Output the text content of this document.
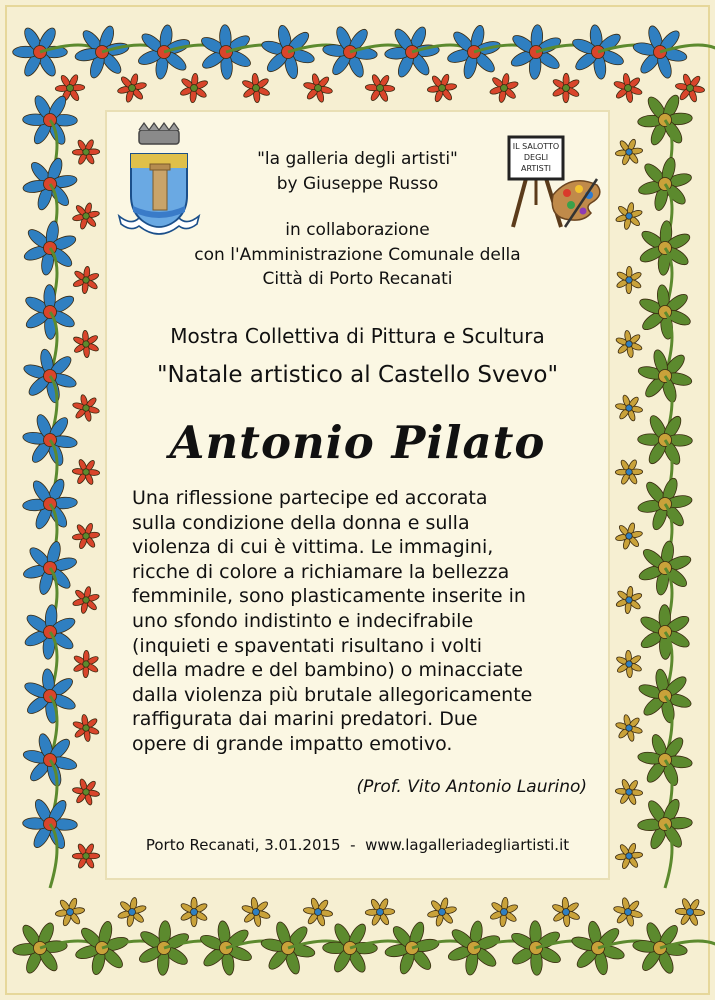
IL SALOTTO
DEGLI
ARTISTI
"la galleria degli artisti"
by Giuseppe Russo
in collaborazione
con l'Amministrazione Comunale della
Città di Porto Recanati
Mostra Collettiva di Pittura e Scultura
"Natale artistico al Castello Svevo"
Antonio Pilato
Una riflessione partecipe ed accorata
sulla condizione della donna e sulla
violenza di cui è vittima. Le immagini,
ricche di colore a richiamare la bellezza
femminile, sono plasticamente inserite in
uno sfondo indistinto e indecifrabile
(inquieti e spaventati risultano i volti
della madre e del bambino) o minacciate
dalla violenza più brutale allegoricamente
raffigurata dai marini predatori. Due
opere di grande impatto emotivo.
(Prof. Vito Antonio Laurino)
Porto Recanati, 3.01.2015  -  www.lagalleriadegliartisti.it
